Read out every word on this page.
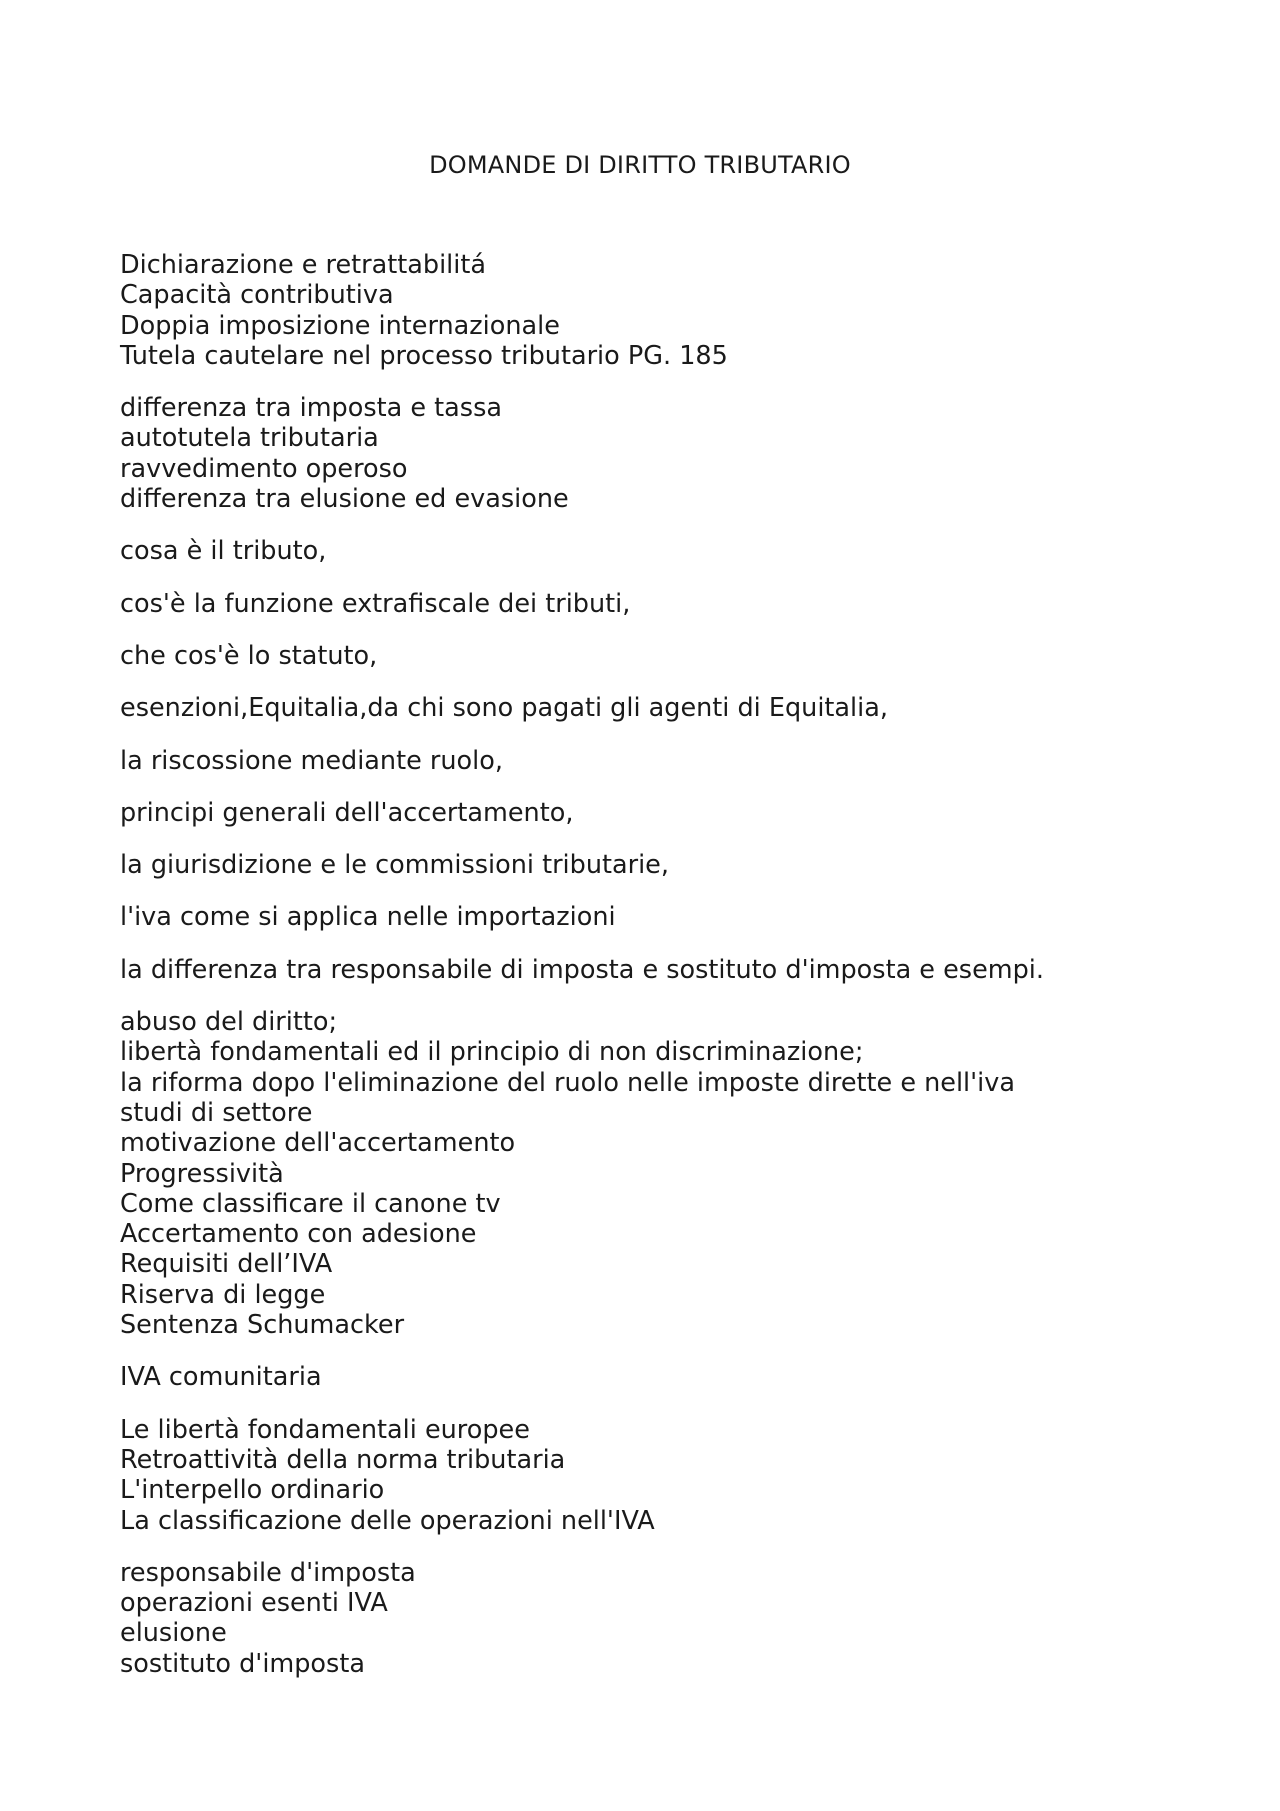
DOMANDE DI DIRITTO TRIBUTARIO
Dichiarazione e retrattabilitá
Capacità contributiva
Doppia imposizione internazionale
Tutela cautelare nel processo tributario PG. 185
differenza tra imposta e tassa
autotutela tributaria
ravvedimento operoso
differenza tra elusione ed evasione
cosa è il tributo,
cos'è la funzione extrafiscale dei tributi,
che cos'è lo statuto,
esenzioni,Equitalia,da chi sono pagati gli agenti di Equitalia,
la riscossione mediante ruolo,
principi generali dell'accertamento,
la giurisdizione e le commissioni tributarie,
l'iva come si applica nelle importazioni
la differenza tra responsabile di imposta e sostituto d'imposta e esempi.
abuso del diritto;
libertà fondamentali ed il principio di non discriminazione;
la riforma dopo l'eliminazione del ruolo nelle imposte dirette e nell'iva
studi di settore
motivazione dell'accertamento
Progressività
Come classificare il canone tv
Accertamento con adesione
Requisiti dell’IVA
Riserva di legge
Sentenza Schumacker
IVA comunitaria
Le libertà fondamentali europee
Retroattività della norma tributaria
L'interpello ordinario
La classificazione delle operazioni nell'IVA
responsabile d'imposta
operazioni esenti IVA
elusione
sostituto d'imposta
